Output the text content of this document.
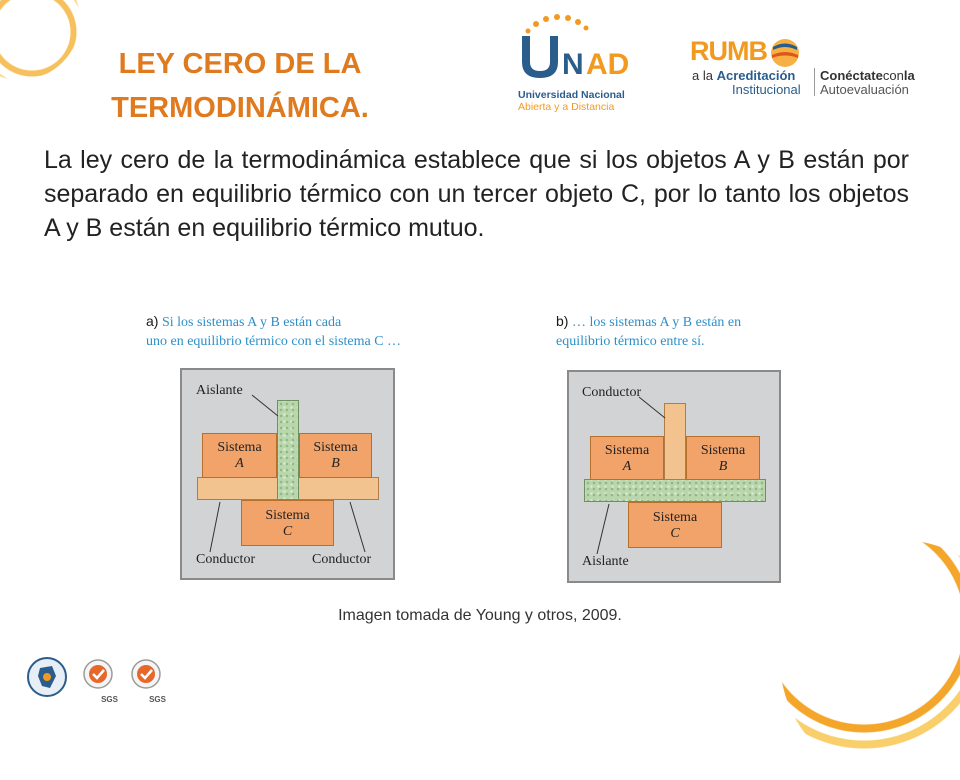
LEY CERO DE LA
TERMODINÁMICA.
N AD
Universidad Nacional
Abierta y a Distancia
RUMB
a la Acreditación
Institucional
Conéctateconla
Autoevaluación
La ley cero de la termodinámica establece que si los objetos A y B están por separado en equilibrio térmico con un tercer objeto C, por lo tanto los objetos A y B están en equilibrio térmico mutuo.
a) Si los sistemas A y B están cada
uno en equilibrio térmico con el sistema C …
Sistema
A
Sistema
B
Sistema
C
Aislante
Conductor	Conductor
b) … los sistemas A y B están en
equilibrio térmico entre sí.
Sistema
A
Sistema
B
Sistema
C
Conductor
Aislante
Imagen tomada de Young y otros, 2009.
SGS	SGS
